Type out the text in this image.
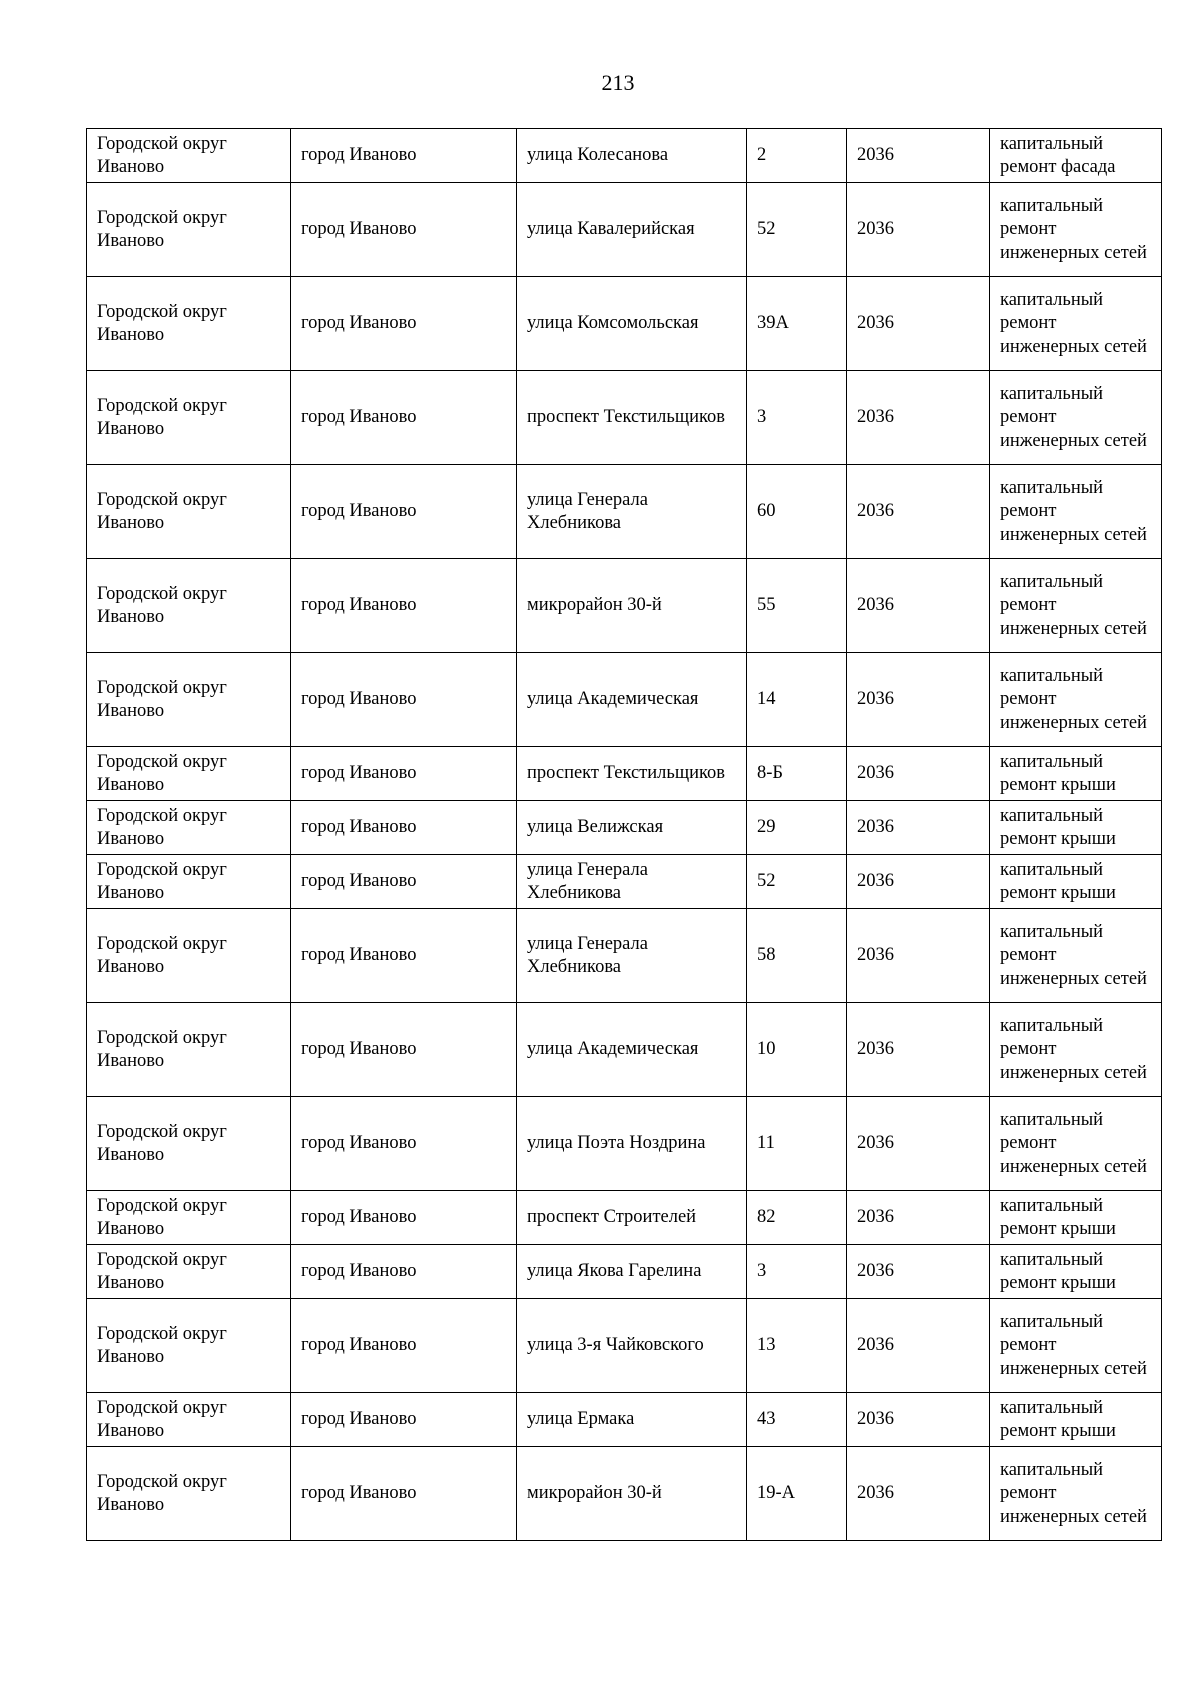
213
Городской округ Иваново	город Иваново	улица Колесанова	2	2036	капитальный ремонт фасада
Городской округ Иваново	город Иваново	улица Кавалерийская	52	2036	капитальный ремонт инженерных сетей
Городской округ Иваново	город Иваново	улица Комсомольская	39А	2036	капитальный ремонт инженерных сетей
Городской округ Иваново	город Иваново	проспект Текстильщиков	3	2036	капитальный ремонт инженерных сетей
Городской округ Иваново	город Иваново	улица Генерала Хлебникова	60	2036	капитальный ремонт инженерных сетей
Городской округ Иваново	город Иваново	микрорайон 30-й	55	2036	капитальный ремонт инженерных сетей
Городской округ Иваново	город Иваново	улица Академическая	14	2036	капитальный ремонт инженерных сетей
Городской округ Иваново	город Иваново	проспект Текстильщиков	8-Б	2036	капитальный ремонт крыши
Городской округ Иваново	город Иваново	улица Велижская	29	2036	капитальный ремонт крыши
Городской округ Иваново	город Иваново	улица Генерала Хлебникова	52	2036	капитальный ремонт крыши
Городской округ Иваново	город Иваново	улица Генерала Хлебникова	58	2036	капитальный ремонт инженерных сетей
Городской округ Иваново	город Иваново	улица Академическая	10	2036	капитальный ремонт инженерных сетей
Городской округ Иваново	город Иваново	улица Поэта Ноздрина	11	2036	капитальный ремонт инженерных сетей
Городской округ Иваново	город Иваново	проспект Строителей	82	2036	капитальный ремонт крыши
Городской округ Иваново	город Иваново	улица Якова Гарелина	3	2036	капитальный ремонт крыши
Городской округ Иваново	город Иваново	улица 3-я Чайковского	13	2036	капитальный ремонт инженерных сетей
Городской округ Иваново	город Иваново	улица Ермака	43	2036	капитальный ремонт крыши
Городской округ Иваново	город Иваново	микрорайон 30-й	19-А	2036	капитальный ремонт инженерных сетей
